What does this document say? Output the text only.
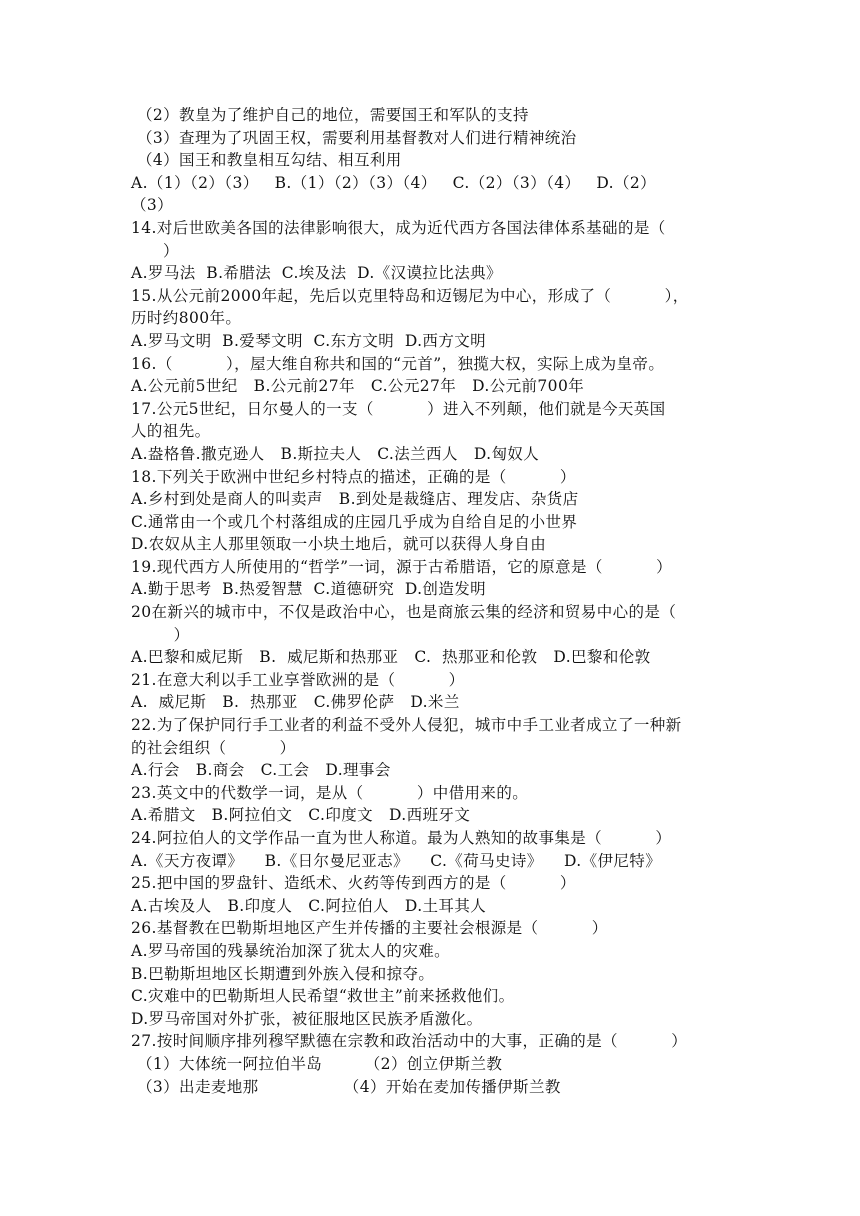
（2）教皇为了维护自己的地位，需要国王和军队的支持

（3）查理为了巩固王权，需要利用基督教对人们进行精神统治

（4）国王和教皇相互勾结、相互利用

A.（1）（2）（3）   B.（1）（2）（3）（4）   C.（2）（3）（4）   D.（2）

（3）

14.对后世欧美各国的法律影响很大，成为近代西方各国法律体系基础的是（

）

A.罗马法  B.希腊法  C.埃及法  D.《汉谟拉比法典》

15.从公元前2000年起，先后以克里特岛和迈锡尼为中心，形成了（          ），

历时约800年。

A.罗马文明  B.爱琴文明  C.东方文明  D.西方文明

16.（          ），屋大维自称共和国的“元首”，独揽大权，实际上成为皇帝。

A.公元前5世纪   B.公元前27年   C.公元27年   D.公元前700年

17.公元5世纪，日尔曼人的一支（          ）进入不列颠，他们就是今天英国

人的祖先。

A.盎格鲁.撒克逊人   B.斯拉夫人   C.法兰西人   D.匈奴人

18.下列关于欧洲中世纪乡村特点的描述，正确的是（          ）

A.乡村到处是商人的叫卖声   B.到处是裁缝店、理发店、杂货店

C.通常由一个或几个村落组成的庄园几乎成为自给自足的小世界

D.农奴从主人那里领取一小块土地后，就可以获得人身自由

19.现代西方人所使用的“哲学”一词，源于古希腊语，它的原意是（          ）

A.勤于思考  B.热爱智慧  C.道德研究  D.创造发明

20在新兴的城市中，不仅是政治中心，也是商旅云集的经济和贸易中心的是（

）

A.巴黎和威尼斯   B.  威尼斯和热那亚   C.  热那亚和伦敦   D.巴黎和伦敦

21.在意大利以手工业享誉欧洲的是（          ）

A.  威尼斯   B.  热那亚   C.佛罗伦萨   D.米兰

22.为了保护同行手工业者的利益不受外人侵犯，城市中手工业者成立了一种新

的社会组织（          ）

A.行会   B.商会   C.工会   D.理事会

23.英文中的代数学一词，是从（          ）中借用来的。

A.希腊文   B.阿拉伯文   C.印度文   D.西班牙文

24.阿拉伯人的文学作品一直为世人称道。最为人熟知的故事集是（          ）

A.《天方夜谭》    B.《日尔曼尼亚志》    C.《荷马史诗》    D.《伊尼特》

25.把中国的罗盘针、造纸术、火药等传到西方的是（          ）

A.古埃及人   B.印度人   C.阿拉伯人   D.土耳其人

26.基督教在巴勒斯坦地区产生并传播的主要社会根源是（          ）

A.罗马帝国的残暴统治加深了犹太人的灾难。

B.巴勒斯坦地区长期遭到外族入侵和掠夺。

C.灾难中的巴勒斯坦人民希望“救世主”前来拯救他们。

D.罗马帝国对外扩张，被征服地区民族矛盾激化。

27.按时间顺序排列穆罕默德在宗教和政治活动中的大事，正确的是（          ）

（1）大体统一阿拉伯半岛        （2）创立伊斯兰教

（3）出走麦地那                （4）开始在麦加传播伊斯兰教
